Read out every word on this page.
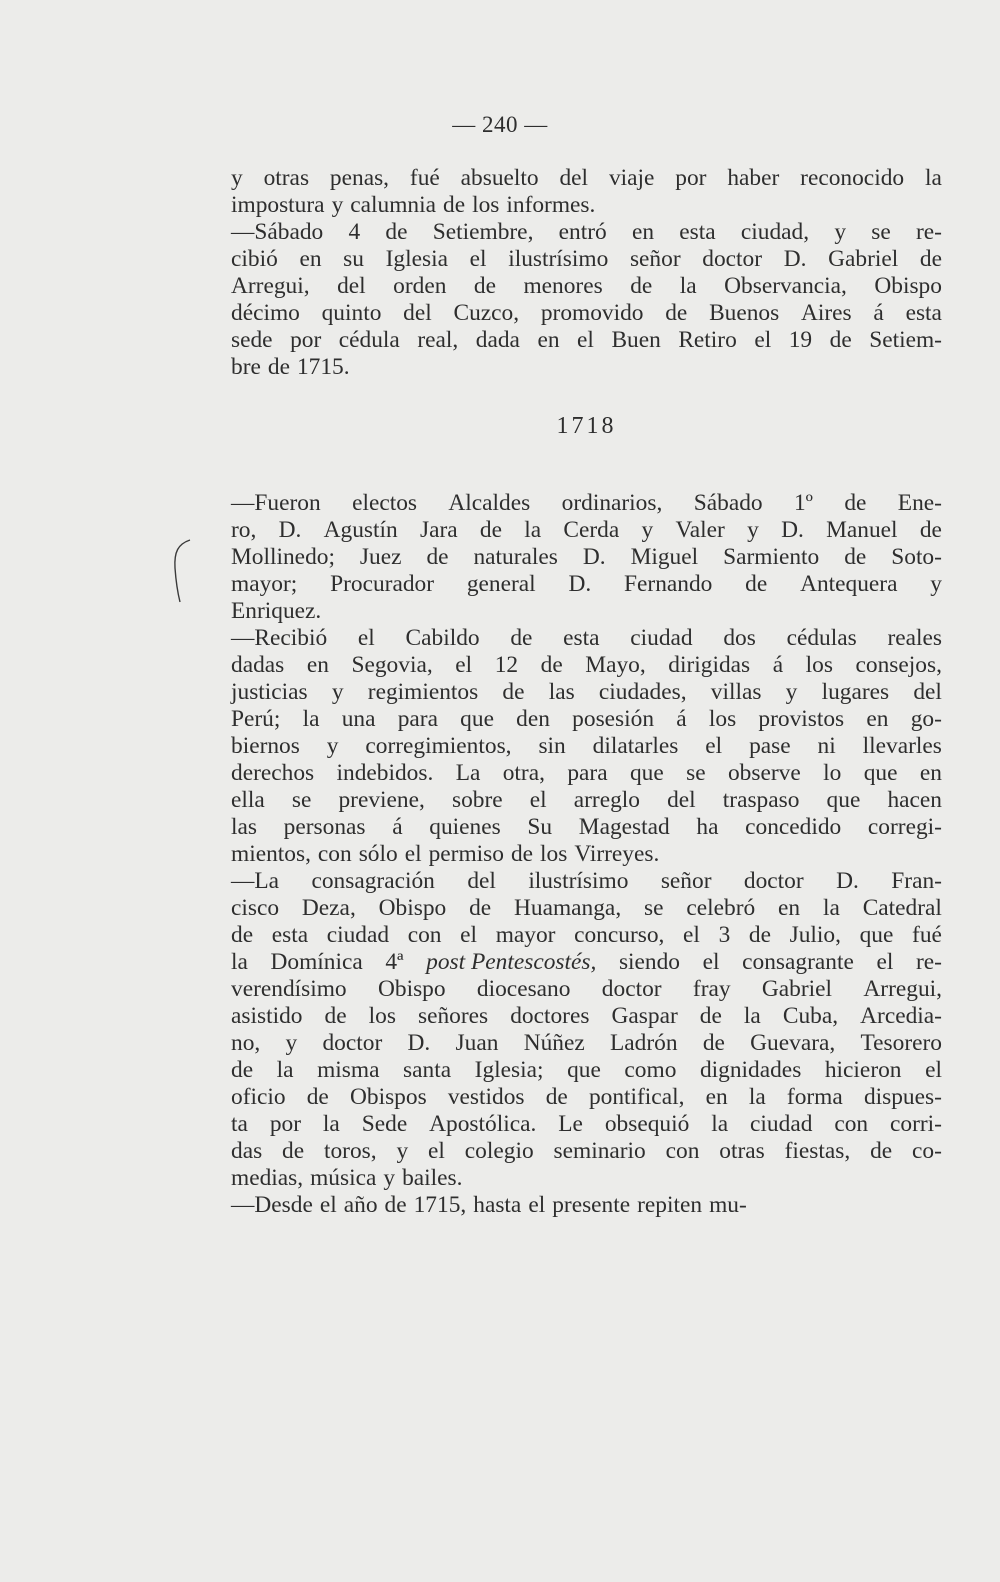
— 240 —
y otras penas, fué absuelto del viaje por haber reconocido la
impostura y calumnia de los informes.
—Sábado 4 de Setiembre, entró en esta ciudad, y se re-
cibió en su Iglesia el ilustrísimo señor doctor D. Gabriel de
Arregui, del orden de menores de la Observancia, Obispo
décimo quinto del Cuzco, promovido de Buenos Aires á esta
sede por cédula real, dada en el Buen Retiro el 19 de Setiem-
bre de 1715.
1718
—Fueron electos Alcaldes ordinarios, Sábado 1º de Ene-
ro, D. Agustín Jara de la Cerda y Valer y D. Manuel de
Mollinedo; Juez de naturales D. Miguel Sarmiento de Soto-
mayor; Procurador general D. Fernando de Antequera y
Enriquez.
—Recibió el Cabildo de esta ciudad dos cédulas reales
dadas en Segovia, el 12 de Mayo, dirigidas á los consejos,
justicias y regimientos de las ciudades, villas y lugares del
Perú; la una para que den posesión á los provistos en go-
biernos y corregimientos, sin dilatarles el pase ni llevarles
derechos indebidos. La otra, para que se observe lo que en
ella se previene, sobre el arreglo del traspaso que hacen
las personas á quienes Su Magestad ha concedido corregi-
mientos, con sólo el permiso de los Virreyes.
—La consagración del ilustrísimo señor doctor D. Fran-
cisco Deza, Obispo de Huamanga, se celebró en la Catedral
de esta ciudad con el mayor concurso, el 3 de Julio, que fué
la Domínica 4ª post Pentescostés, siendo el consagrante el re-
verendísimo Obispo diocesano doctor fray Gabriel Arregui,
asistido de los señores doctores Gaspar de la Cuba, Arcedia-
no, y doctor D. Juan Núñez Ladrón de Guevara, Tesorero
de la misma santa Iglesia; que como dignidades hicieron el
oficio de Obispos vestidos de pontifical, en la forma dispues-
ta por la Sede Apostólica. Le obsequió la ciudad con corri-
das de toros, y el colegio seminario con otras fiestas, de co-
medias, música y bailes.
—Desde el año de 1715, hasta el presente repiten mu-
